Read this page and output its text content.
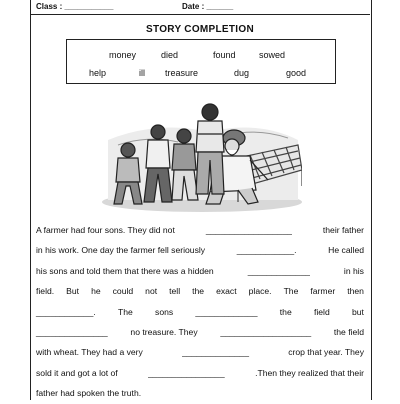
Class : ___________	Date : ______
STORY COMPLETION
money	died	found	sowed
help	ill treasure	dug	good
A farmer had four sons. They did not	__________________	their father
in his work. One day the farmer fell seriously	____________.	He called
his sons and told them that there was a hidden	_____________	in his
field. But he could not tell the exact place. The farmer then
____________.	The	sons	_____________	the	field	but
_______________	no treasure. They	___________________	the field
with wheat. They had a very	______________	crop that year. They
sold it and got a lot of	________________	.Then they realized that their
father had spoken the truth.
